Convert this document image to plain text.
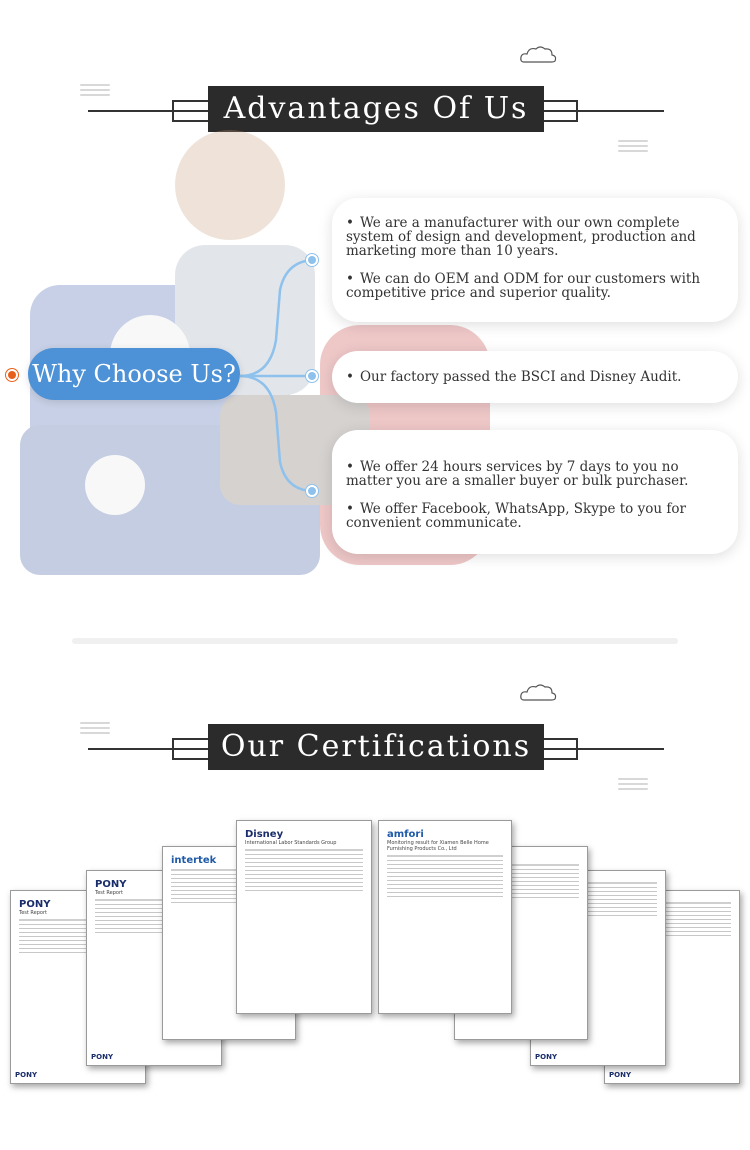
Advantages Of Us
Why Choose Us?

• We are a manufacturer with our own complete system of design and development, production and marketing more than 10 years.

• We can do OEM and ODM for our customers with competitive price and superior quality.

• Our factory passed the BSCI and Disney Audit.

• We offer 24 hours services by 7 days to you no matter you are a smaller buyer or bulk purchaser.

• We offer Facebook, WhatsApp, Skype to you for convenient communicate.

Our Certifications
PONY
Test Report
PONY
PONY
Test Report
PONY
intertek
Disney
International Labor Standards Group
amfori
Monitoring result for Xiamen Belle Home Furnishing Products Co., Ltd
PONY
PONY
